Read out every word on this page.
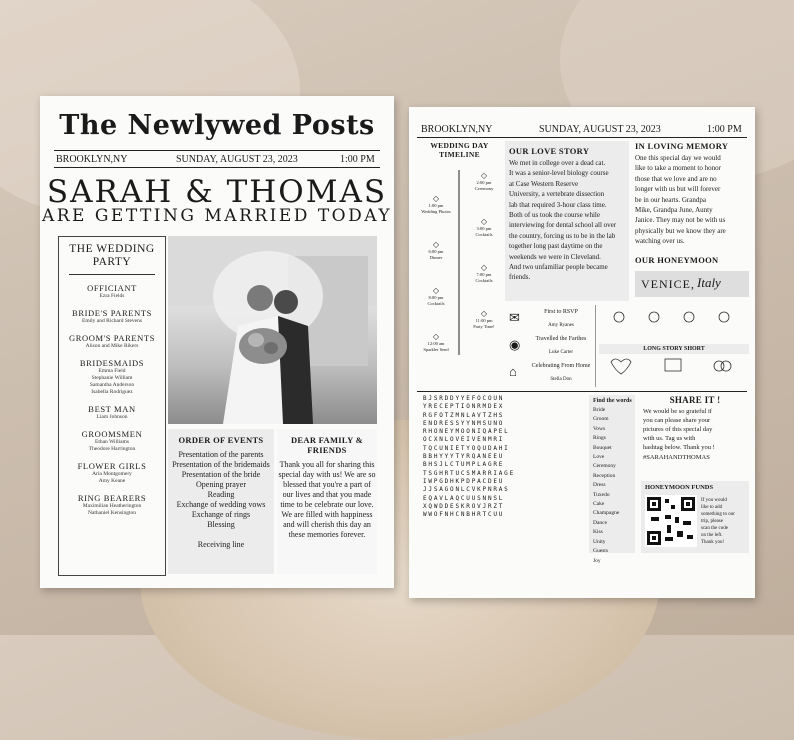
The Newlywed Posts
BROOKLYN,NY	SUNDAY, AUGUST 23, 2023	1:00 PM
SARAH & THOMAS
ARE GETTING MARRIED TODAY
THE WEDDING
PARTY
OFFICIANT
Ezra Fields
BRIDE'S PARENTS
Emily and Richard Stevens
GROOM'S PARENTS
Alison and Mike Rikers
BRIDESMAIDS
Emma Field
Stephanie William
Samantha Anderson
Isabella Rodriguez
BEST MAN
Liam Johnson
GROOMSMEN
Ethan Williams
Theodore Harrington
FLOWER GIRLS
Aria Montgomery
Amy Keane
RING BEARERS
Maximilian Heatherington
Nathaniel Kensington
ORDER OF EVENTS
Presentation of the parents
Presentation of the bridemaids
Presentation of the bride
Opening prayer
Reading
Exchange of wedding vows
Exchange of rings
Blessing
Receiving line
DEAR FAMILY & FRIENDS
Thank you all for sharing this
special day with us! We are so
blessed that you're a part of
our lives and that you made
time to be celebrate our love.
We are filled with happiness
and will cherish this day an
these memories forever.
BROOKLYN,NY	SUNDAY, AUGUST 23, 2023	1:00 PM
WEDDING DAY
TIMELINE
◇
2:00 pm
Ceremony
◇
1:00 pm
Wedding Photos
◇
3:00 pm
Cocktails
◇
6:00 pm
Dinner
◇
7:00 pm
Cocktails
◇
8:00 pm
Cocktails
◇
11:00 pm
Party Time!
◇
12:00 am
Sparkler Send
OUR LOVE STORY
We met in college over a dead cat.
It was a senior-level biology course
at Case Western Reserve
University, a vertebrate dissection
lab that required 3-hour class time.
Both of us took the course while
interviewing for dental school all over
the country, forcing us to be in the lab
together long past daytime on the
weekends we were in Cleveland.
And two unfamiliar people became
friends.
IN LOVING MEMORY
One this special day we would
like to take a moment to honor
those that we love and are no
longer with us but will forever
be in our hearts. Grandpa
Mike, Grandpa June, Aunty
Janice. They may not be with us
physically but we know they are
watching over us.
OUR HONEYMOON
VENICE, Italy
✉	First to RSVP
Amy Ryanes
◉	Travelled the Farthes
Luke Carter
⌂	Celebrating From Home
Stella Don
LONG STORY SHORT
BJSRDDYYEFOCOUN
YRECEPTIONRMDEX
RGFOTZMNLAVTZHS
ENDRESSYYNMSUNO
RHONEYMOONIQAPEL
OCXNLOVEIVENMRI
TQCUNIETYOQUDAHI
BBHYYYTYRQANEEU
BHSJLCTUMPLAGRE
TSGHRTUCSMARRIAGE
IWPGDHKPDPACDEU
JJSAGONLCVKPNRAS
EQAVLAQCUUSNNSL
XQWDDESKROVJRZT
WWOFNHCNBHRTCUU
Find the words
Bride
Groom
Vows
Rings
Bouquet
Love
Ceremony
Reception
Dress
Tuxedo
Cake
Champagne
Dance
Kiss
Unity
Guests
Joy
SHARE IT !
We would be so grateful if
you can please share your
pictures of this special day
with us. Tag us with
hashtag below. Thank you !
#SARAHANDTHOMAS
HONEYMOON FUNDS
If you would
like to add
something to our
trip, please
scan the code
on the left.
Thank you!
